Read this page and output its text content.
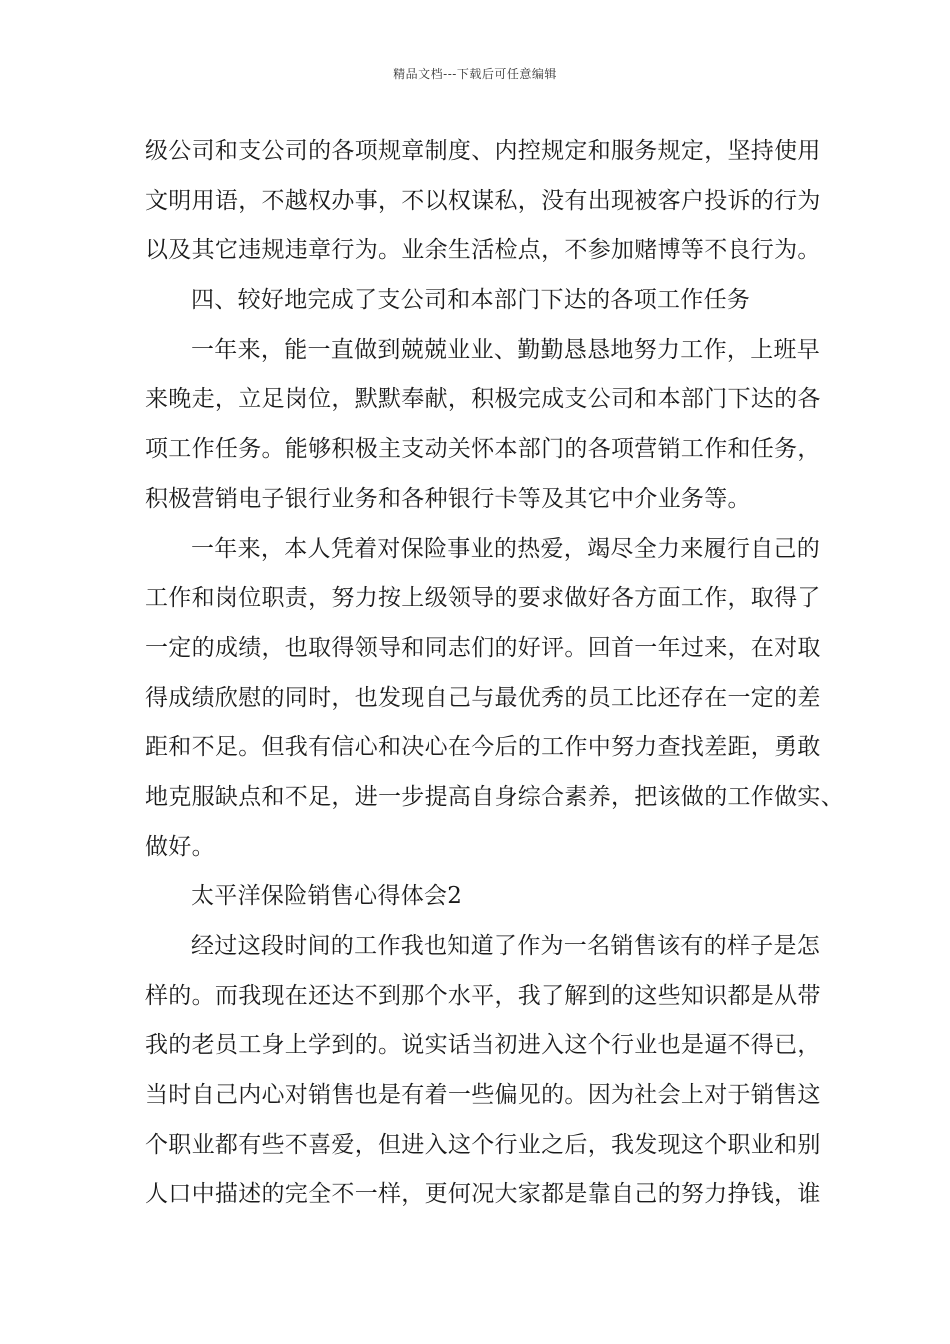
精品文档---下载后可任意编辑
级公司和支公司的各项规章制度、内控规定和服务规定，坚持使用
文明用语，不越权办事，不以权谋私，没有出现被客户投诉的行为
以及其它违规违章行为。业余生活检点，不参加赌博等不良行为。
四、较好地完成了支公司和本部门下达的各项工作任务
一年来，能一直做到兢兢业业、勤勤恳恳地努力工作，上班早
来晚走，立足岗位，默默奉献，积极完成支公司和本部门下达的各
项工作任务。能够积极主支动关怀本部门的各项营销工作和任务，
积极营销电子银行业务和各种银行卡等及其它中介业务等。
一年来，本人凭着对保险事业的热爱，竭尽全力来履行自己的
工作和岗位职责，努力按上级领导的要求做好各方面工作，取得了
一定的成绩，也取得领导和同志们的好评。回首一年过来，在对取
得成绩欣慰的同时，也发现自己与最优秀的员工比还存在一定的差
距和不足。但我有信心和决心在今后的工作中努力查找差距，勇敢
地克服缺点和不足，进一步提高自身综合素养，把该做的工作做实、
做好。
太平洋保险销售心得体会2
经过这段时间的工作我也知道了作为一名销售该有的样子是怎
样的。而我现在还达不到那个水平，我了解到的这些知识都是从带
我的老员工身上学到的。说实话当初进入这个行业也是逼不得已，
当时自己内心对销售也是有着一些偏见的。因为社会上对于销售这
个职业都有些不喜爱，但进入这个行业之后，我发现这个职业和别
人口中描述的完全不一样，更何况大家都是靠自己的努力挣钱，谁
